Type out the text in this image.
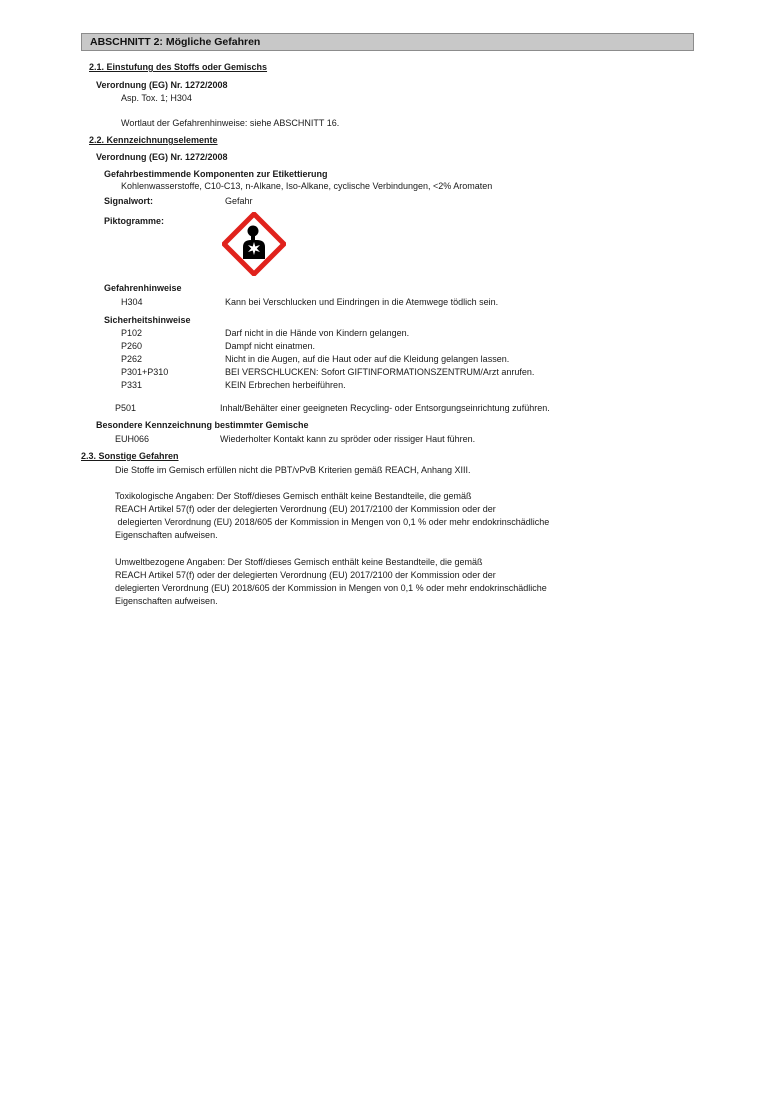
ABSCHNITT 2: Mögliche Gefahren
2.1. Einstufung des Stoffs oder Gemischs
Verordnung (EG) Nr. 1272/2008
Asp. Tox. 1; H304
Wortlaut der Gefahrenhinweise: siehe ABSCHNITT 16.
2.2. Kennzeichnungselemente
Verordnung (EG) Nr. 1272/2008
Gefahrbestimmende Komponenten zur Etikettierung
Kohlenwasserstoffe, C10-C13, n-Alkane, Iso-Alkane, cyclische Verbindungen, <2% Aromaten
Signalwort:	Gefahr
Piktogramme:
Gefahrenhinweise
H304	Kann bei Verschlucken und Eindringen in die Atemwege tödlich sein.
Sicherheitshinweise
P102	Darf nicht in die Hände von Kindern gelangen.
P260	Dampf nicht einatmen.
P262	Nicht in die Augen, auf die Haut oder auf die Kleidung gelangen lassen.
P301+P310	BEI VERSCHLUCKEN: Sofort GIFTINFORMATIONSZENTRUM/Arzt anrufen.
P331	KEIN Erbrechen herbeiführen.
P501	Inhalt/Behälter einer geeigneten Recycling- oder Entsorgungseinrichtung zuführen.
Besondere Kennzeichnung bestimmter Gemische
EUH066	Wiederholter Kontakt kann zu spröder oder rissiger Haut führen.
2.3. Sonstige Gefahren
Die Stoffe im Gemisch erfüllen nicht die PBT/vPvB Kriterien gemäß REACH, Anhang XIII.
Toxikologische Angaben: Der Stoff/dieses Gemisch enthält keine Bestandteile, die gemäß
REACH Artikel 57(f) oder der delegierten Verordnung (EU) 2017/2100 der Kommission oder der
delegierten Verordnung (EU) 2018/605 der Kommission in Mengen von 0,1 % oder mehr endokrinschädliche
Eigenschaften aufweisen.
Umweltbezogene Angaben: Der Stoff/dieses Gemisch enthält keine Bestandteile, die gemäß
REACH Artikel 57(f) oder der delegierten Verordnung (EU) 2017/2100 der Kommission oder der
delegierten Verordnung (EU) 2018/605 der Kommission in Mengen von 0,1 % oder mehr endokrinschädliche
Eigenschaften aufweisen.
